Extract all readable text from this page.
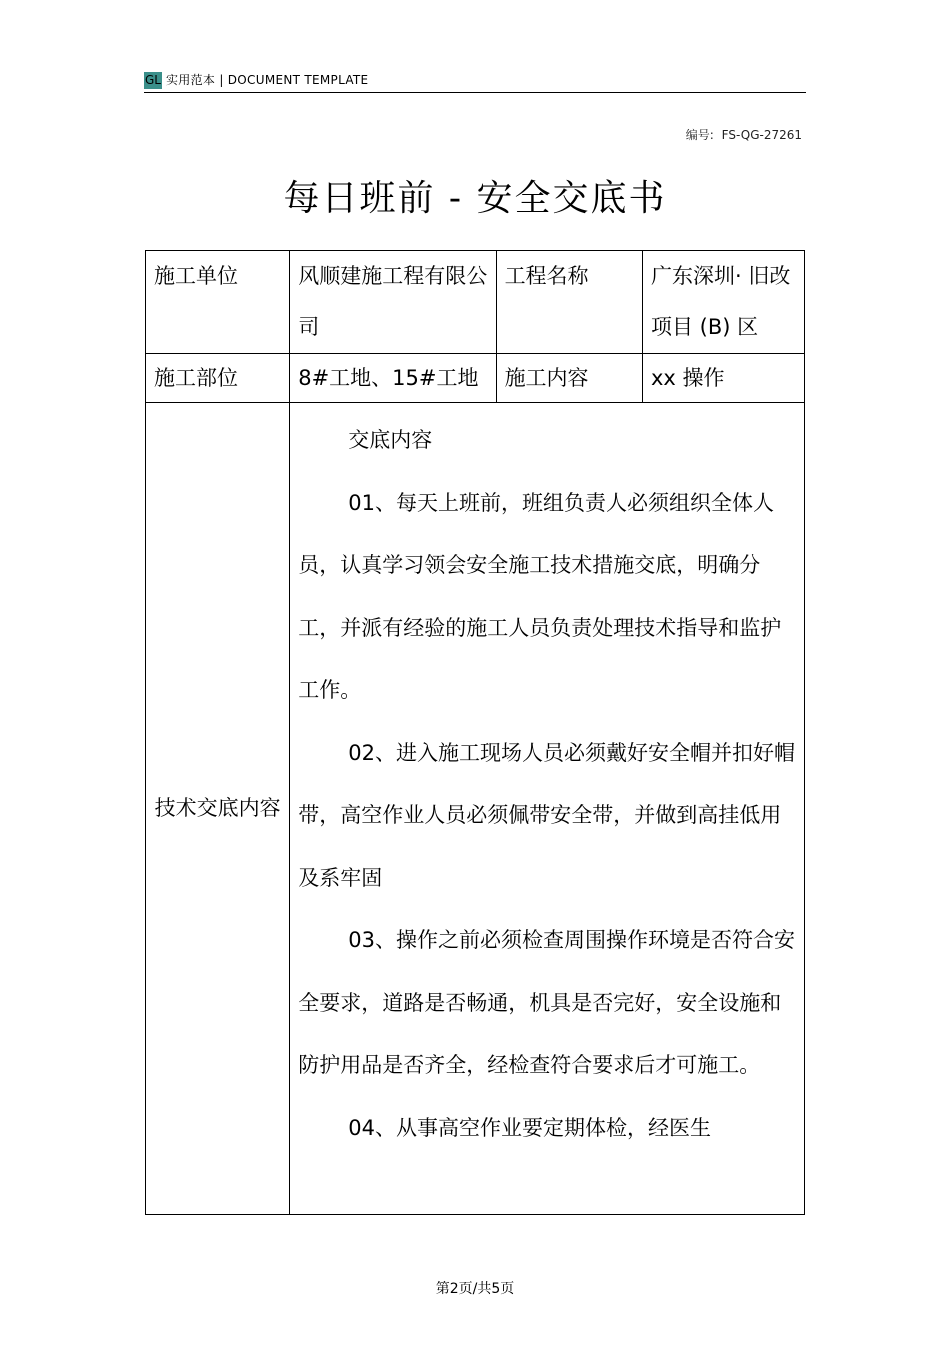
GL 实用范本 | DOCUMENT TEMPLATE
编号: FS-QG-27261
每日班前 - 安全交底书
施工单位	风顺建施工程有限公司	工程名称	广东深圳· 旧改项目 (B) 区

施工部位	8#工地、15#工地	施工内容	xx 操作

技术交底内容	交底内容

01、每天上班前，班组负责人必须组织全体人员，认真学习领会安全施工技术措施交底，明确分工，并派有经验的施工人员负责处理技术指导和监护工作。

02、进入施工现场人员必须戴好安全帽并扣好帽带，高空作业人员必须佩带安全带，并做到高挂低用及系牢固

03、操作之前必须检查周围操作环境是否符合安全要求，道路是否畅通，机具是否完好，安全设施和防护用品是否齐全，经检查符合要求后才可施工。

04、从事高空作业要定期体检，经医生		

第2页/共5页
